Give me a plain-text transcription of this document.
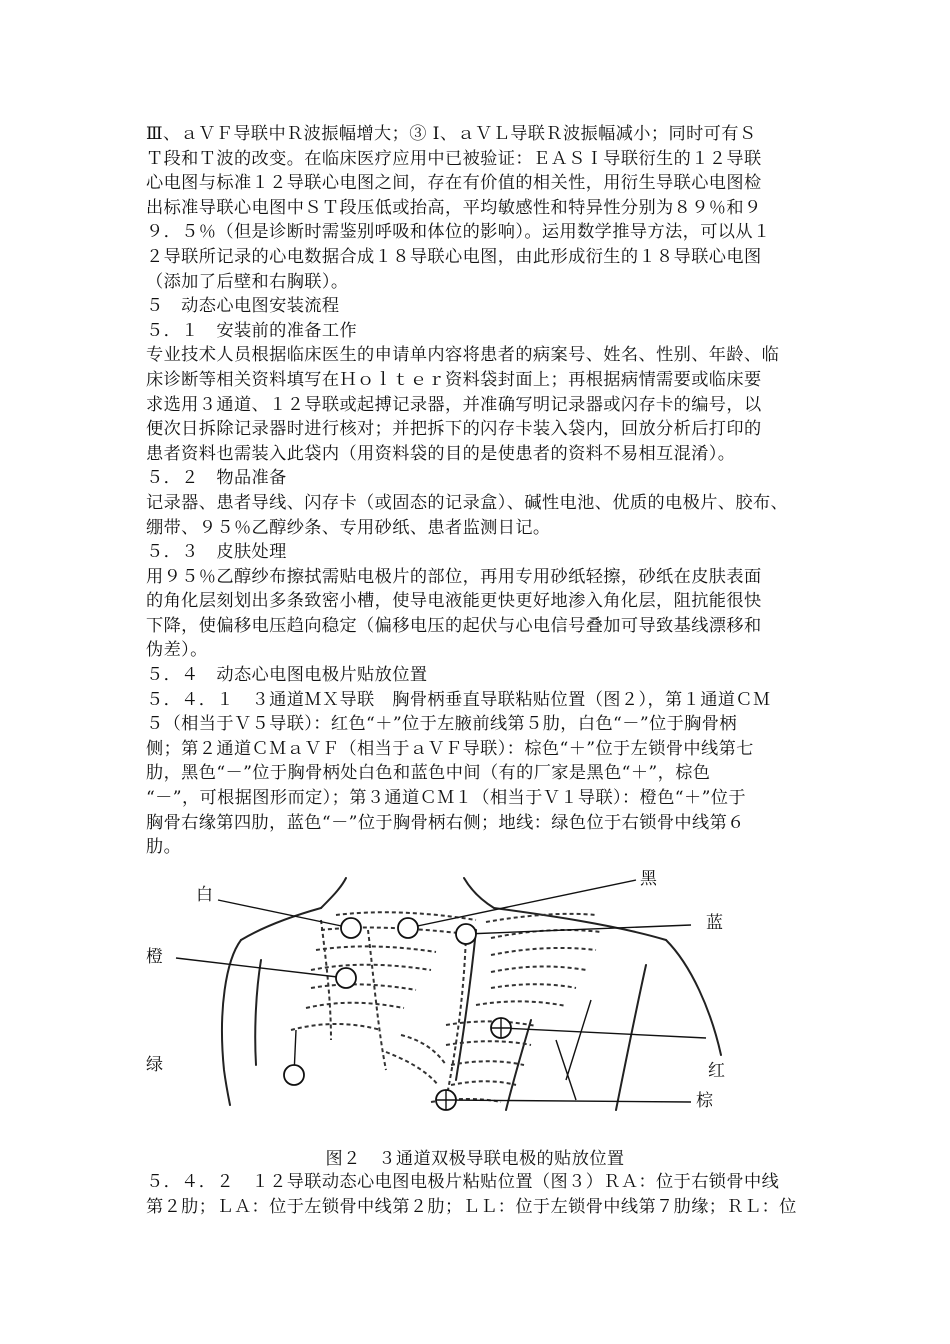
Ⅲ、ａＶＦ导联中Ｒ波振幅增大；③ Ⅰ、ａＶＬ导联Ｒ波振幅减小；同时可有Ｓ

Ｔ段和Ｔ波的改变。在临床医疗应用中已被验证：ＥＡＳＩ导联衍生的１２导联

心电图与标准１２导联心电图之间，存在有价值的相关性，用衍生导联心电图检

出标准导联心电图中ＳＴ段压低或抬高，平均敏感性和特异性分别为８９％和９

９．５％（但是诊断时需鉴别呼吸和体位的影响）。运用数学推导方法，可以从１

２导联所记录的心电数据合成１８导联心电图，由此形成衍生的１８导联心电图

（添加了后壁和右胸联）。

５　动态心电图安装流程

５．１　安装前的准备工作

专业技术人员根据临床医生的申请单内容将患者的病案号、姓名、性别、年龄、临

床诊断等相关资料填写在Ｈｏｌｔｅｒ资料袋封面上；再根据病情需要或临床要

求选用３通道、１２导联或起搏记录器，并准确写明记录器或闪存卡的编号，以

便次日拆除记录器时进行核对；并把拆下的闪存卡装入袋内，回放分析后打印的

患者资料也需装入此袋内（用资料袋的目的是使患者的资料不易相互混淆）。

５．２　物品准备

记录器、患者导线、闪存卡（或固态的记录盒）、碱性电池、优质的电极片、胶布、

绷带、９５％乙醇纱条、专用砂纸、患者监测日记。

５．３　皮肤处理

用９５％乙醇纱布擦拭需贴电极片的部位，再用专用砂纸轻擦，砂纸在皮肤表面

的角化层刻划出多条致密小槽，使导电液能更快更好地渗入角化层，阻抗能很快

下降，使偏移电压趋向稳定（偏移电压的起伏与心电信号叠加可导致基线漂移和

伪差）。

５．４　动态心电图电极片贴放位置

５．４．１　３通道ＭＸ导联　胸骨柄垂直导联粘贴位置（图２），第１通道ＣＭ

５（相当于Ｖ５导联）：红色“＋”位于左腋前线第５肋，白色“－”位于胸骨柄

侧；第２通道ＣＭａＶＦ（相当于ａＶＦ导联）：棕色“＋”位于左锁骨中线第七

肋，黑色“－”位于胸骨柄处白色和蓝色中间（有的厂家是黑色“＋”，棕色

“－”，可根据图形而定）；第３通道ＣＭ１（相当于Ｖ１导联）：橙色“＋”位于

胸骨右缘第四肋，蓝色“－”位于胸骨柄右侧；地线：绿色位于右锁骨中线第６

肋。

白
黑
蓝
橙
绿	红
棕
图２　３通道双极导联电极的贴放位置

５．４．２　１２导联动态心电图电极片粘贴位置（图３）ＲＡ：位于右锁骨中线

第２肋；ＬＡ：位于左锁骨中线第２肋；ＬＬ：位于左锁骨中线第７肋缘；ＲＬ：位
